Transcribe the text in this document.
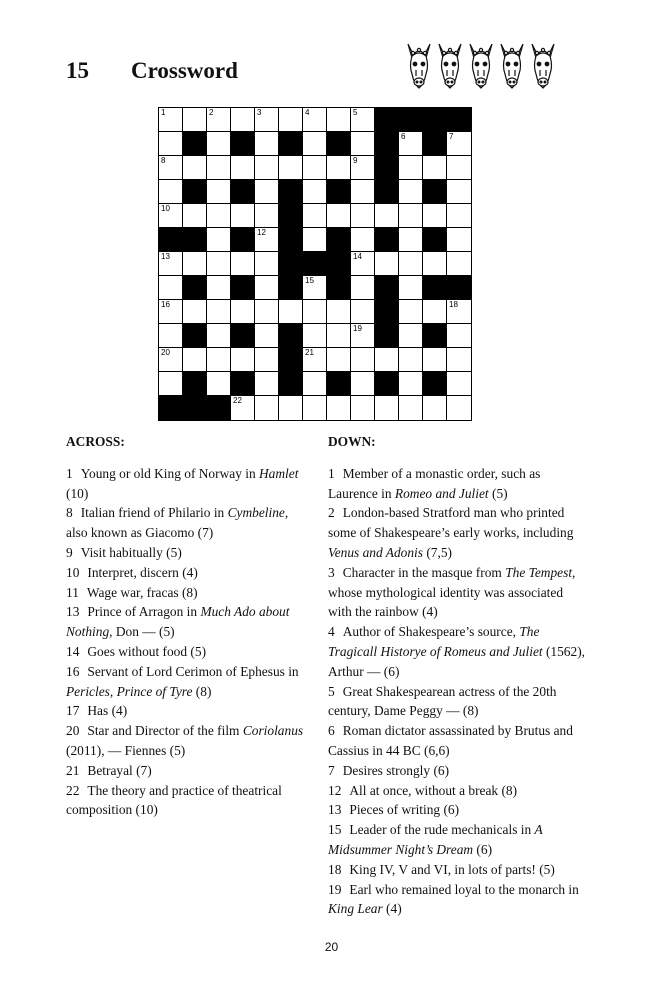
15 Crossword
1	2	3	4	5
6	7
8	9
10	11
12
13	14
15
16	17	18
19
20	21
22
ACROSS:

1 Young or old King of Norway in Hamlet (10)

8 Italian friend of Philario in Cymbeline, also known as Giacomo (7)

9 Visit habitually (5)

10 Interpret, discern (4)

11 Wage war, fracas (8)

13 Prince of Arragon in Much Ado about Nothing, Don — (5)

14 Goes without food (5)

16 Servant of Lord Cerimon of Ephesus in Pericles, Prince of Tyre (8)

17 Has (4)

20 Star and Director of the film Coriolanus (2011), — Fiennes (5)

21 Betrayal (7)

22 The theory and practice of theatrical composition (10)

DOWN:

1 Member of a monastic order, such as Laurence in Romeo and Juliet (5)

2 London-based Stratford man who printed some of Shakespeare’s early works, including Venus and Adonis (7,5)

3 Character in the masque from The Tempest, whose mythological identity was associated with the rainbow (4)

4 Author of Shakespeare’s source, The Tragicall Historye of Romeus and Juliet (1562), Arthur — (6)

5 Great Shakespearean actress of the 20th century, Dame Peggy — (8)

6 Roman dictator assassinated by Brutus and Cassius in 44 BC (6,6)

7 Desires strongly (6)

12 All at once, without a break (8)

13 Pieces of writing (6)

15 Leader of the rude mechanicals in A Midsummer Night’s Dream (6)

18 King IV, V and VI, in lots of parts! (5)

19 Earl who remained loyal to the monarch in King Lear (4)

20
